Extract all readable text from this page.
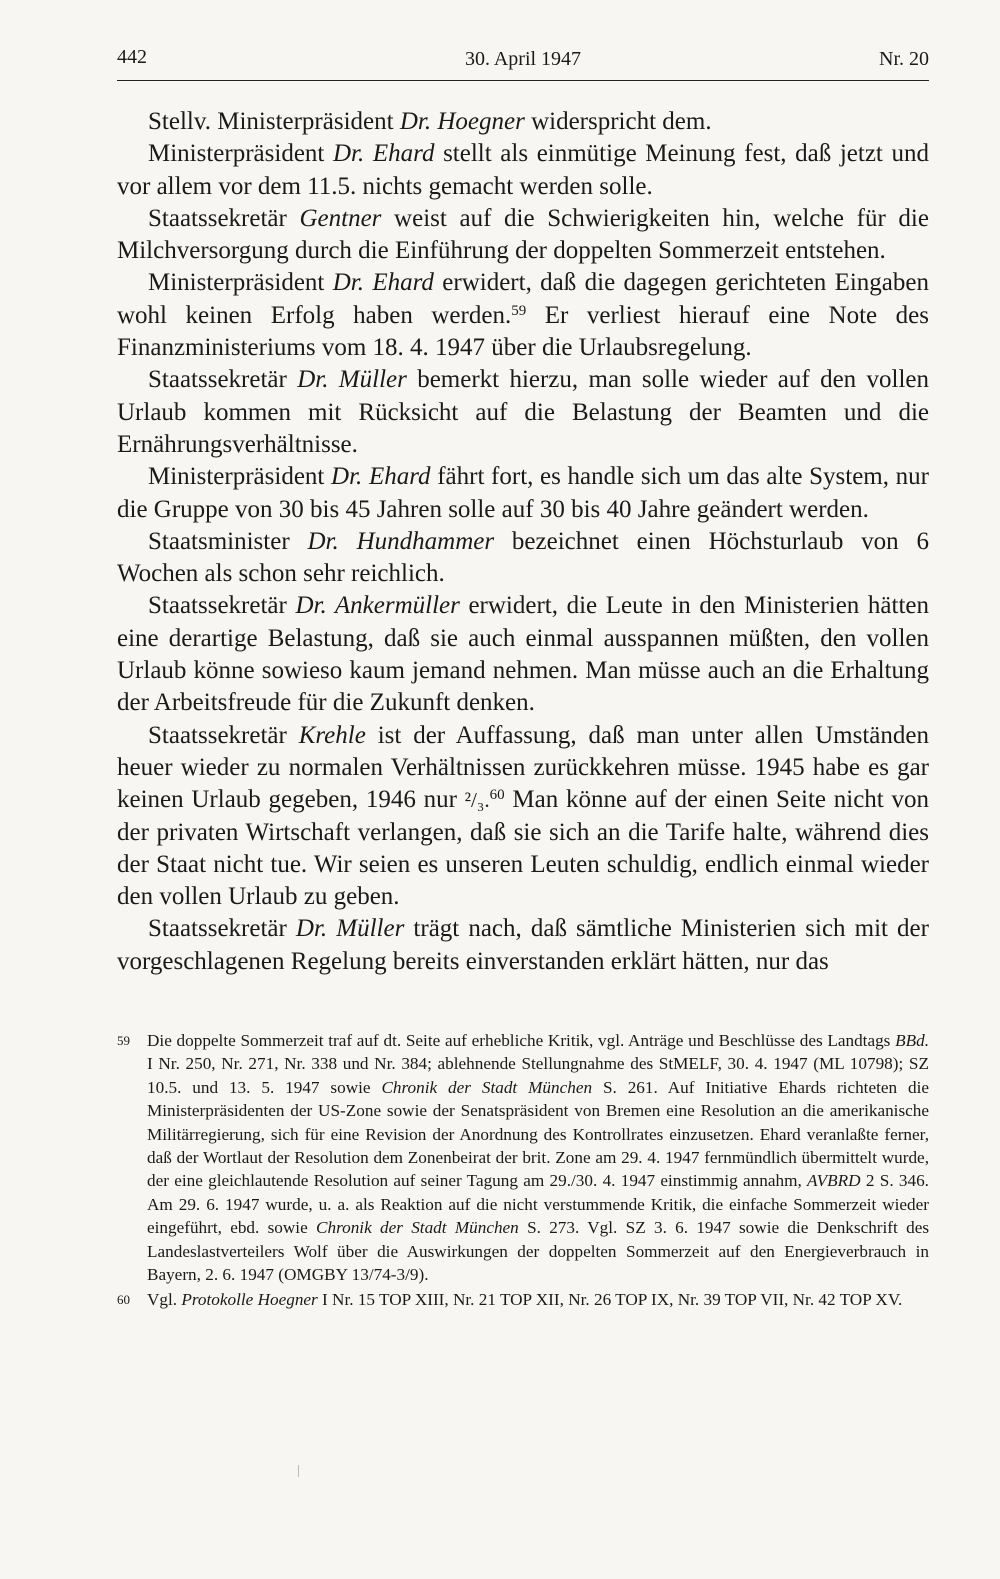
442	30. April 1947	Nr. 20

Stellv. Ministerpräsident Dr. Hoegner widerspricht dem.

Ministerpräsident Dr. Ehard stellt als einmütige Meinung fest, daß jetzt und vor allem vor dem 11.5. nichts gemacht werden solle.

Staatssekretär Gentner weist auf die Schwierigkeiten hin, welche für die Milchversorgung durch die Einführung der doppelten Sommerzeit entstehen.

Ministerpräsident Dr. Ehard erwidert, daß die dagegen gerichteten Eingaben wohl keinen Erfolg haben werden.$^{59}$ Er verliest hierauf eine Note des Finanzministeriums vom 18. 4. 1947 über die Urlaubsregelung.

Staatssekretär Dr. Müller bemerkt hierzu, man solle wieder auf den vollen Urlaub kommen mit Rücksicht auf die Belastung der Beamten und die Ernährungsverhältnisse.

Ministerpräsident Dr. Ehard fährt fort, es handle sich um das alte System, nur die Gruppe von 30 bis 45 Jahren solle auf 30 bis 40 Jahre geändert werden.

Staatsminister Dr. Hundhammer bezeichnet einen Höchsturlaub von 6 Wochen als schon sehr reichlich.

Staatssekretär Dr. Ankermüller erwidert, die Leute in den Ministerien hätten eine derartige Belastung, daß sie auch einmal ausspannen müßten, den vollen Urlaub könne sowieso kaum jemand nehmen. Man müsse auch an die Erhaltung der Arbeitsfreude für die Zukunft denken.

Staatssekretär Krehle ist der Auffassung, daß man unter allen Umständen heuer wieder zu normalen Verhältnissen zurückkehren müsse. 1945 habe es gar keinen Urlaub gegeben, 1946 nur ²/₃.$^{60}$ Man könne auf der einen Seite nicht von der privaten Wirtschaft verlangen, daß sie sich an die Tarife halte, während dies der Staat nicht tue. Wir seien es unseren Leuten schuldig, endlich einmal wieder den vollen Urlaub zu geben.

Staatssekretär Dr. Müller trägt nach, daß sämtliche Ministerien sich mit der vorgeschlagenen Regelung bereits einverstanden erklärt hätten, nur das

59 Die doppelte Sommerzeit traf auf dt. Seite auf erhebliche Kritik, vgl. Anträge und Beschlüsse des Landtags BBd. I Nr. 250, Nr. 271, Nr. 338 und Nr. 384; ablehnende Stellungnahme des StMELF, 30. 4. 1947 (ML 10798); SZ 10.5. und 13. 5. 1947 sowie Chronik der Stadt München S. 261. Auf Initiative Ehards richteten die Ministerpräsidenten der US-Zone sowie der Senatspräsident von Bremen eine Resolution an die amerikanische Militärregierung, sich für eine Revision der Anordnung des Kontrollrates einzusetzen. Ehard veranlaßte ferner, daß der Wortlaut der Resolution dem Zonenbeirat der brit. Zone am 29. 4. 1947 fernmündlich übermittelt wurde, der eine gleichlautende Resolution auf seiner Tagung am 29./30. 4. 1947 einstimmig annahm, AVBRD 2 S. 346. Am 29. 6. 1947 wurde, u. a. als Reaktion auf die nicht verstummende Kritik, die einfache Sommerzeit wieder eingeführt, ebd. sowie Chronik der Stadt München S. 273. Vgl. SZ 3. 6. 1947 sowie die Denkschrift des Landeslastverteilers Wolf über die Auswirkungen der doppelten Sommerzeit auf den Energieverbrauch in Bayern, 2. 6. 1947 (OMGBY 13/74-3/9).
60 Vgl. Protokolle Hoegner I Nr. 15 TOP XIII, Nr. 21 TOP XII, Nr. 26 TOP IX, Nr. 39 TOP VII, Nr. 42 TOP XV.
